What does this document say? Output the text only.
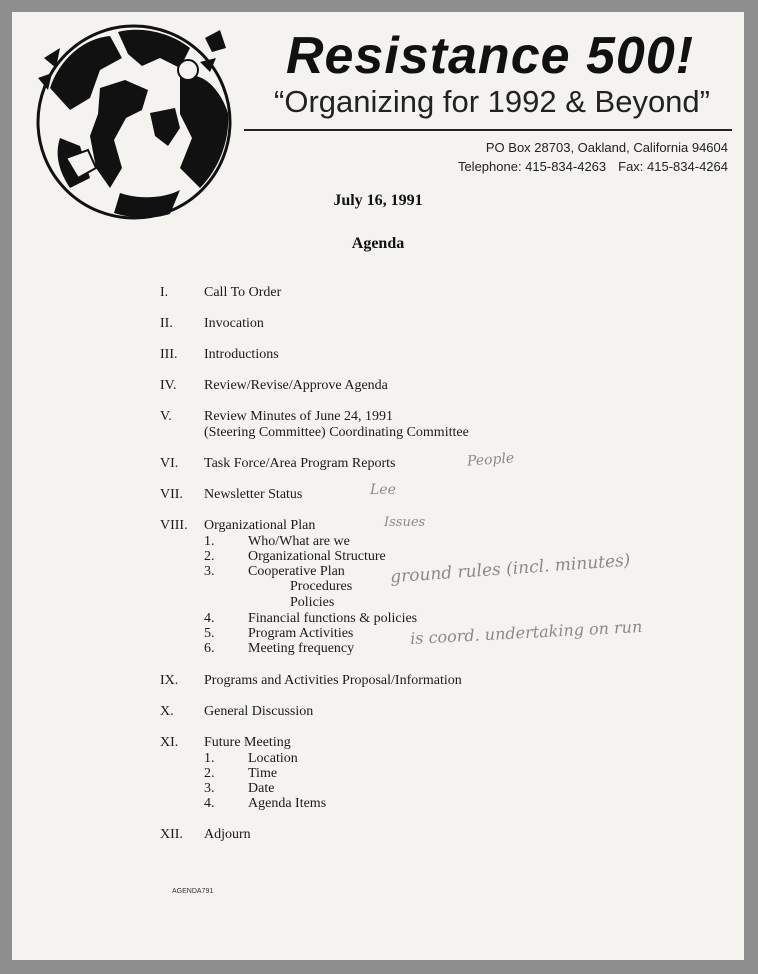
Resistance 500!
“Organizing for 1992 & Beyond”
PO Box 28703, Oakland, California 94604
Telephone: 415-834-4263 Fax: 415-834-4264
July 16, 1991
Agenda
I.	Call To Order
II. Invocation
III. Introductions
IV. Review/Revise/Approve Agenda
V. Review Minutes of June 24, 1991
(Steering Committee) Coordinating Committee
VI. Task Force/Area Program Reports
VII. Newsletter Status
VIII. Organizational Plan
1. Who/What are we
2. Organizational Structure
3. Cooperative Plan
Procedures
Policies
4. Financial functions & policies
5. Program Activities
6. Meeting frequency
IX. Programs and Activities Proposal/Information
X. General Discussion
XI. Future Meeting
1. Location
2. Time
3. Date
4. Agenda Items
XII. Adjourn
People
Lee
Issues
ground rules (incl. minutes)
is coord. undertaking on run
AGENDA791
